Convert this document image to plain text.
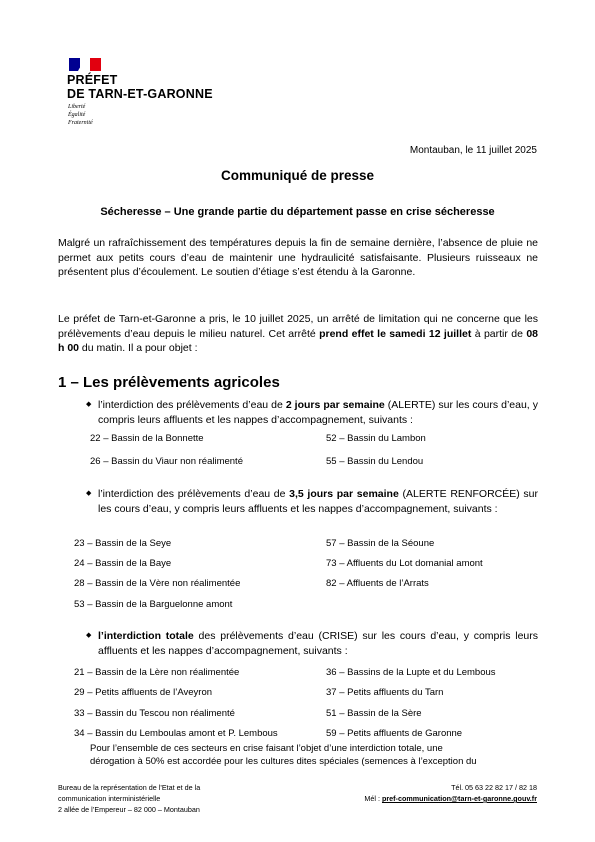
PRÉFET
DE TARN-ET-GARONNE
Liberté
Égalité
Fraternité
Montauban, le 11 juillet 2025
Communiqué de presse
Sécheresse – Une grande partie du département passe en crise sécheresse
Malgré un rafraîchissement des températures depuis la fin de semaine dernière, l’absence de pluie ne permet aux petits cours d’eau de maintenir une hydraulicité satisfaisante. Plusieurs ruisseaux ne présentent plus d’écoulement. Le soutien d’étiage s’est étendu à la Garonne.
Le préfet de Tarn-et-Garonne a pris, le 10 juillet 2025, un arrêté de limitation qui ne concerne que les prélèvements d’eau depuis le milieu naturel. Cet arrêté prend effet le samedi 12 juillet à partir de 08 h 00 du matin. Il a pour objet :
1 – Les prélèvements agricoles
◆ l’interdiction des prélèvements d’eau de 2 jours par semaine (ALERTE) sur les cours d’eau, y compris leurs affluents et les nappes d’accompagnement, suivants :
22 – Bassin de la Bonnette	52 – Bassin du Lambon
26 – Bassin du Viaur non réalimenté	55 – Bassin du Lendou
◆ l’interdiction des prélèvements d’eau de 3,5 jours par semaine (ALERTE RENFORCÉE) sur les cours d’eau, y compris leurs affluents et les nappes d’accompagnement, suivants :
23 – Bassin de la Seye	57 – Bassin de la Séoune
24 – Bassin de la Baye	73 – Affluents du Lot domanial amont
28 – Bassin de la Vère non réalimentée	82 – Affluents de l’Arrats
53 – Bassin de la Barguelonne amont
◆ l’interdiction totale des prélèvements d’eau (CRISE) sur les cours d’eau, y compris leurs affluents et les nappes d’accompagnement, suivants :
21 – Bassin de la Lère non réalimentée	36 – Bassins de la Lupte et du Lembous
29 – Petits affluents de l’Aveyron	37 – Petits affluents du Tarn
33 – Bassin du Tescou non réalimenté	51 – Bassin de la Sère
34 – Bassin du Lemboulas amont et P. Lembous	59 – Petits affluents de Garonne
Pour l’ensemble de ces secteurs en crise faisant l’objet d’une interdiction totale, une
dérogation à 50% est accordée pour les cultures dites spéciales (semences à l’exception du
Bureau de la représentation de l’Etat et de la
communication interministérielle
2 allée de l’Empereur – 82 000 – Montauban
Tél. 05 63 22 82 17 / 82 18
Mél : pref-communication@tarn-et-garonne.gouv.fr
